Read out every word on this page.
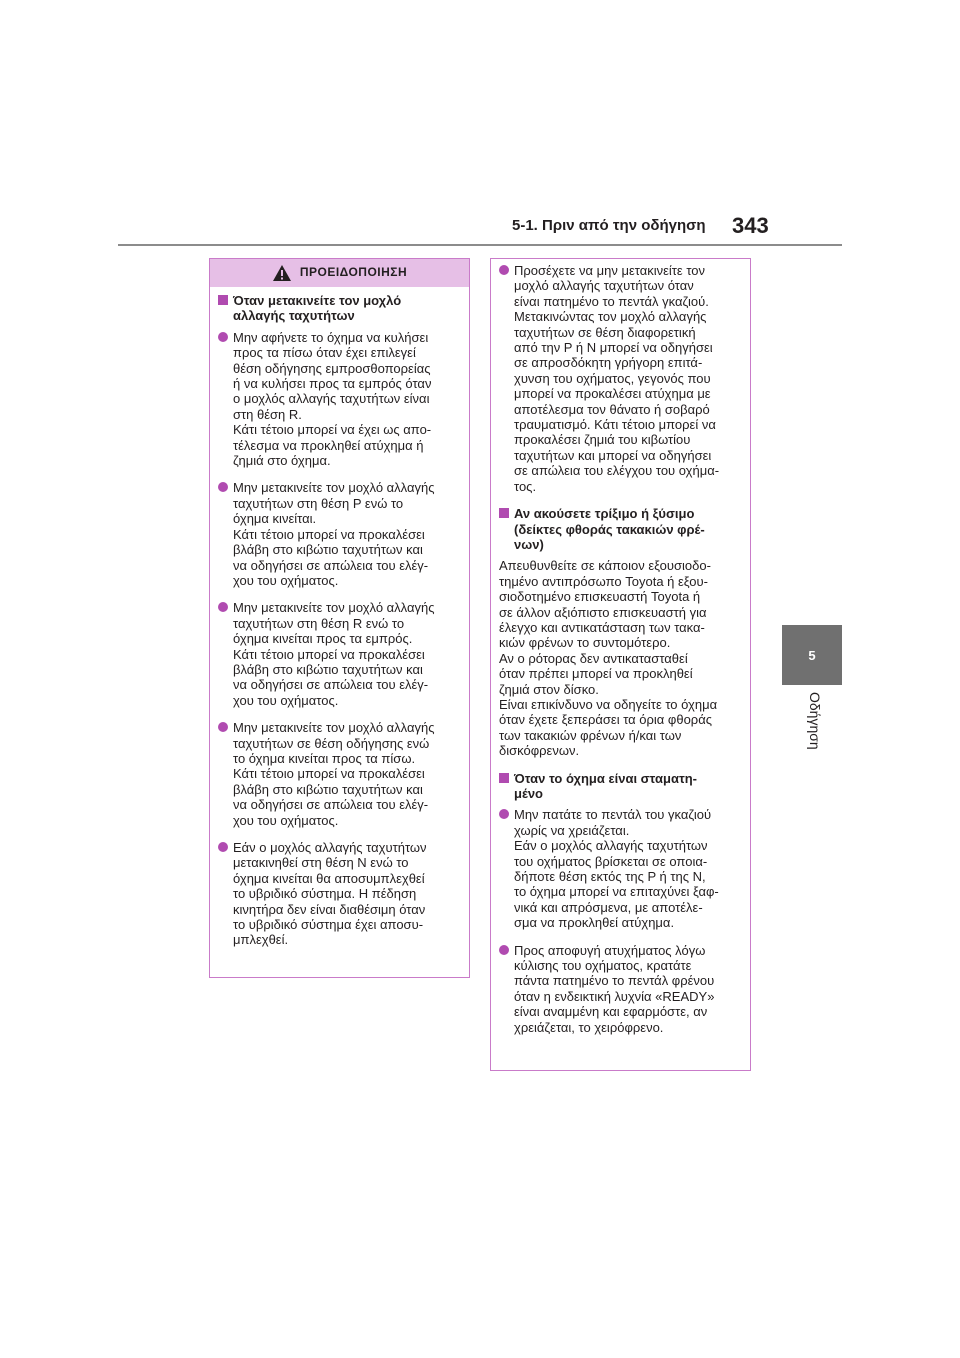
5-1. Πριν από την οδήγηση 343
5
Οδήγηση
ΠΡΟΕΙΔΟΠΟΙΗΣΗ
Όταν μετακινείτε τον μοχλό
αλλαγής ταχυτήτων
Μην αφήνετε το όχημα να κυλήσει
προς τα πίσω όταν έχει επιλεγεί
θέση οδήγησης εμπροσθοπορείας
ή να κυλήσει προς τα εμπρός όταν
ο μοχλός αλλαγής ταχυτήτων είναι
στη θέση R.
Κάτι τέτοιο μπορεί να έχει ως απο-
τέλεσμα να προκληθεί ατύχημα ή
ζημιά στο όχημα.
Μην μετακινείτε τον μοχλό αλλαγής
ταχυτήτων στη θέση P ενώ το
όχημα κινείται.
Κάτι τέτοιο μπορεί να προκαλέσει
βλάβη στο κιβώτιο ταχυτήτων και
να οδηγήσει σε απώλεια του ελέγ-
χου του οχήματος.
Μην μετακινείτε τον μοχλό αλλαγής
ταχυτήτων στη θέση R ενώ το
όχημα κινείται προς τα εμπρός.
Κάτι τέτοιο μπορεί να προκαλέσει
βλάβη στο κιβώτιο ταχυτήτων και
να οδηγήσει σε απώλεια του ελέγ-
χου του οχήματος.
Μην μετακινείτε τον μοχλό αλλαγής
ταχυτήτων σε θέση οδήγησης ενώ
το όχημα κινείται προς τα πίσω.
Κάτι τέτοιο μπορεί να προκαλέσει
βλάβη στο κιβώτιο ταχυτήτων και
να οδηγήσει σε απώλεια του ελέγ-
χου του οχήματος.
Εάν ο μοχλός αλλαγής ταχυτήτων
μετακινηθεί στη θέση N ενώ το
όχημα κινείται θα αποσυμπλεχθεί
το υβριδικό σύστημα. Η πέδηση
κινητήρα δεν είναι διαθέσιμη όταν
το υβριδικό σύστημα έχει αποσυ-
μπλεχθεί.
Προσέχετε να μην μετακινείτε τον
μοχλό αλλαγής ταχυτήτων όταν
είναι πατημένο το πεντάλ γκαζιού.
Μετακινώντας τον μοχλό αλλαγής
ταχυτήτων σε θέση διαφορετική
από την P ή N μπορεί να οδηγήσει
σε απροσδόκητη γρήγορη επιτά-
χυνση του οχήματος, γεγονός που
μπορεί να προκαλέσει ατύχημα με
αποτέλεσμα τον θάνατο ή σοβαρό
τραυματισμό. Κάτι τέτοιο μπορεί να
προκαλέσει ζημιά του κιβωτίου
ταχυτήτων και μπορεί να οδηγήσει
σε απώλεια του ελέγχου του οχήμα-
τος.
Αν ακούσετε τρίξιμο ή ξύσιμο
(δείκτες φθοράς τακακιών φρέ-
νων)
Απευθυνθείτε σε κάποιον εξουσιοδο-
τημένο αντιπρόσωπο Toyota ή εξου-
σιοδοτημένο επισκευαστή Toyota ή
σε άλλον αξιόπιστο επισκευαστή για
έλεγχο και αντικατάσταση των τακα-
κιών φρένων το συντομότερο.
Αν ο ρότορας δεν αντικατασταθεί
όταν πρέπει μπορεί να προκληθεί
ζημιά στον δίσκο.
Είναι επικίνδυνο να οδηγείτε το όχημα
όταν έχετε ξεπεράσει τα όρια φθοράς
των τακακιών φρένων ή/και των
δισκόφρενων.
Όταν το όχημα είναι σταματη-
μένο
Μην πατάτε το πεντάλ του γκαζιού
χωρίς να χρειάζεται.
Εάν ο μοχλός αλλαγής ταχυτήτων
του οχήματος βρίσκεται σε οποια-
δήποτε θέση εκτός της P ή της N,
το όχημα μπορεί να επιταχύνει ξαφ-
νικά και απρόσμενα, με αποτέλε-
σμα να προκληθεί ατύχημα.
Προς αποφυγή ατυχήματος λόγω
κύλισης του οχήματος, κρατάτε
πάντα πατημένο το πεντάλ φρένου
όταν η ενδεικτική λυχνία «READY»
είναι αναμμένη και εφαρμόστε, αν
χρειάζεται, το χειρόφρενο.
